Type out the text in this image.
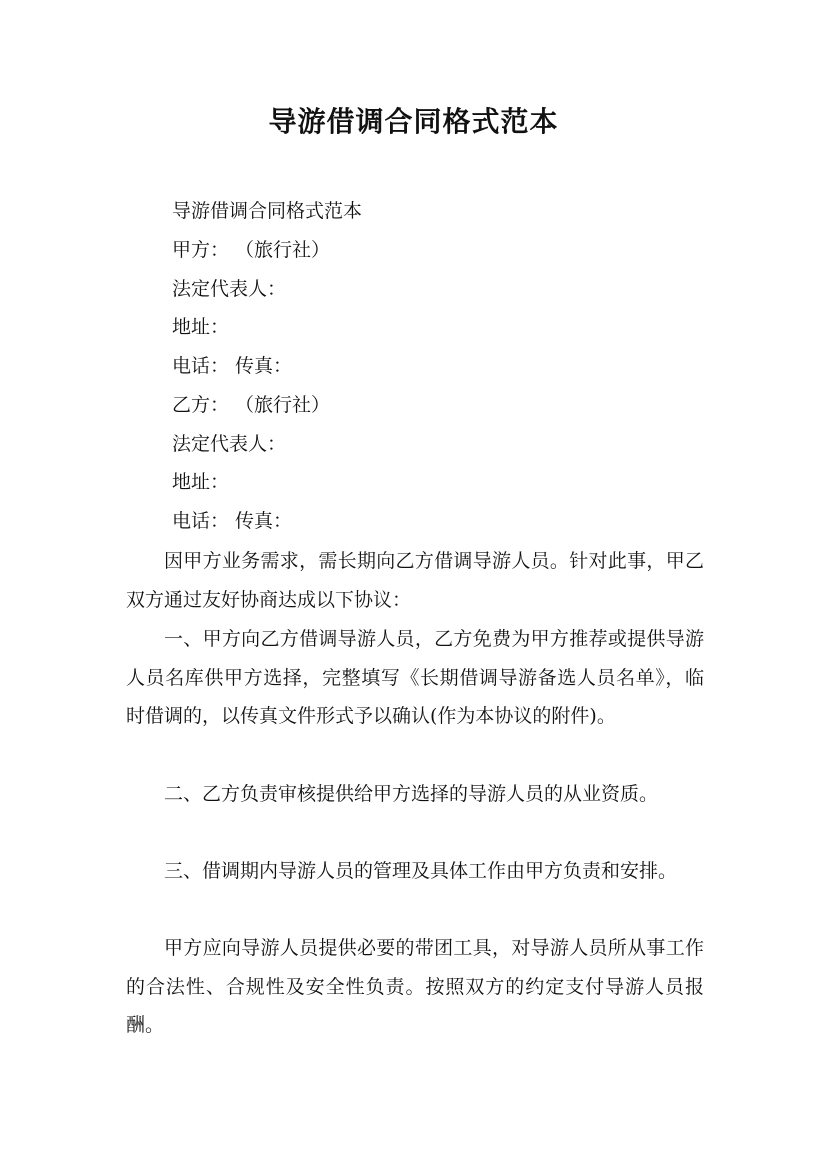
导游借调合同格式范本
导游借调合同格式范本
甲方： （旅行社）
法定代表人：
地址：
电话： 传真：
乙方： （旅行社）
法定代表人：
地址：
电话： 传真：
因甲方业务需求，需长期向乙方借调导游人员。针对此事，甲乙双方通过友好协商达成以下协议：
一、甲方向乙方借调导游人员，乙方免费为甲方推荐或提供导游人员名库供甲方选择，完整填写《长期借调导游备选人员名单》，临时借调的，以传真文件形式予以确认(作为本协议的附件)。
二、乙方负责审核提供给甲方选择的导游人员的从业资质。
三、借调期内导游人员的管理及具体工作由甲方负责和安排。
甲方应向导游人员提供必要的带团工具，对导游人员所从事工作的合法性、合规性及安全性负责。按照双方的约定支付导游人员报酬。
